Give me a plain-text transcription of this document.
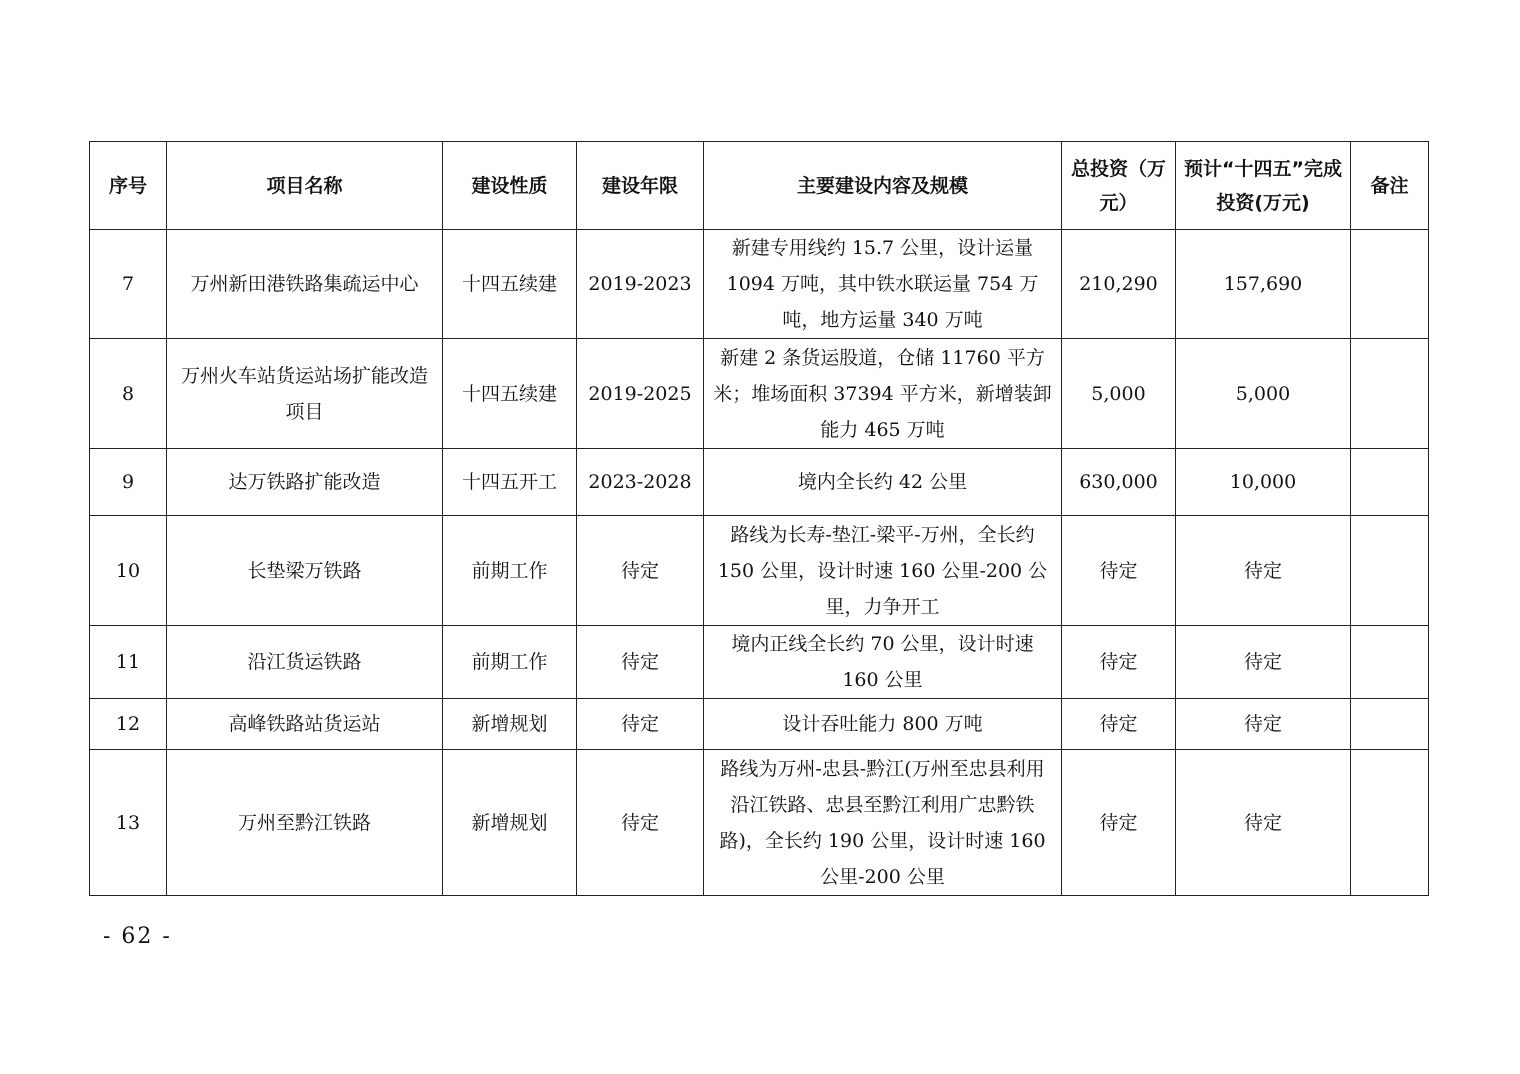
序号	项目名称	建设性质	建设年限	主要建设内容及规模	总投资（万元）	预计“十四五”完成投资(万元)	备注
7	万州新田港铁路集疏运中心	十四五续建	2019-2023	新建专用线约 15.7 公里，设计运量 1094 万吨，其中铁水联运量 754 万吨，地方运量 340 万吨	210,290	157,690	
8	万州火车站货运站场扩能改造项目	十四五续建	2019-2025	新建 2 条货运股道，仓储 11760 平方米；堆场面积 37394 平方米，新增装卸能力 465 万吨	5,000	5,000	
9	达万铁路扩能改造	十四五开工	2023-2028	境内全长约 42 公里	630,000	10,000	
10	长垫梁万铁路	前期工作	待定	路线为长寿-垫江-梁平-万州，全长约 150 公里，设计时速 160 公里-200 公里，力争开工	待定	待定	
11	沿江货运铁路	前期工作	待定	境内正线全长约 70 公里，设计时速 160 公里	待定	待定	
12	高峰铁路站货运站	新增规划	待定	设计吞吐能力 800 万吨	待定	待定	
13	万州至黔江铁路	新增规划	待定	路线为万州-忠县-黔江(万州至忠县利用沿江铁路、忠县至黔江利用广忠黔铁路)，全长约 190 公里，设计时速 160 公里-200 公里	待定	待定	
- 62 -
